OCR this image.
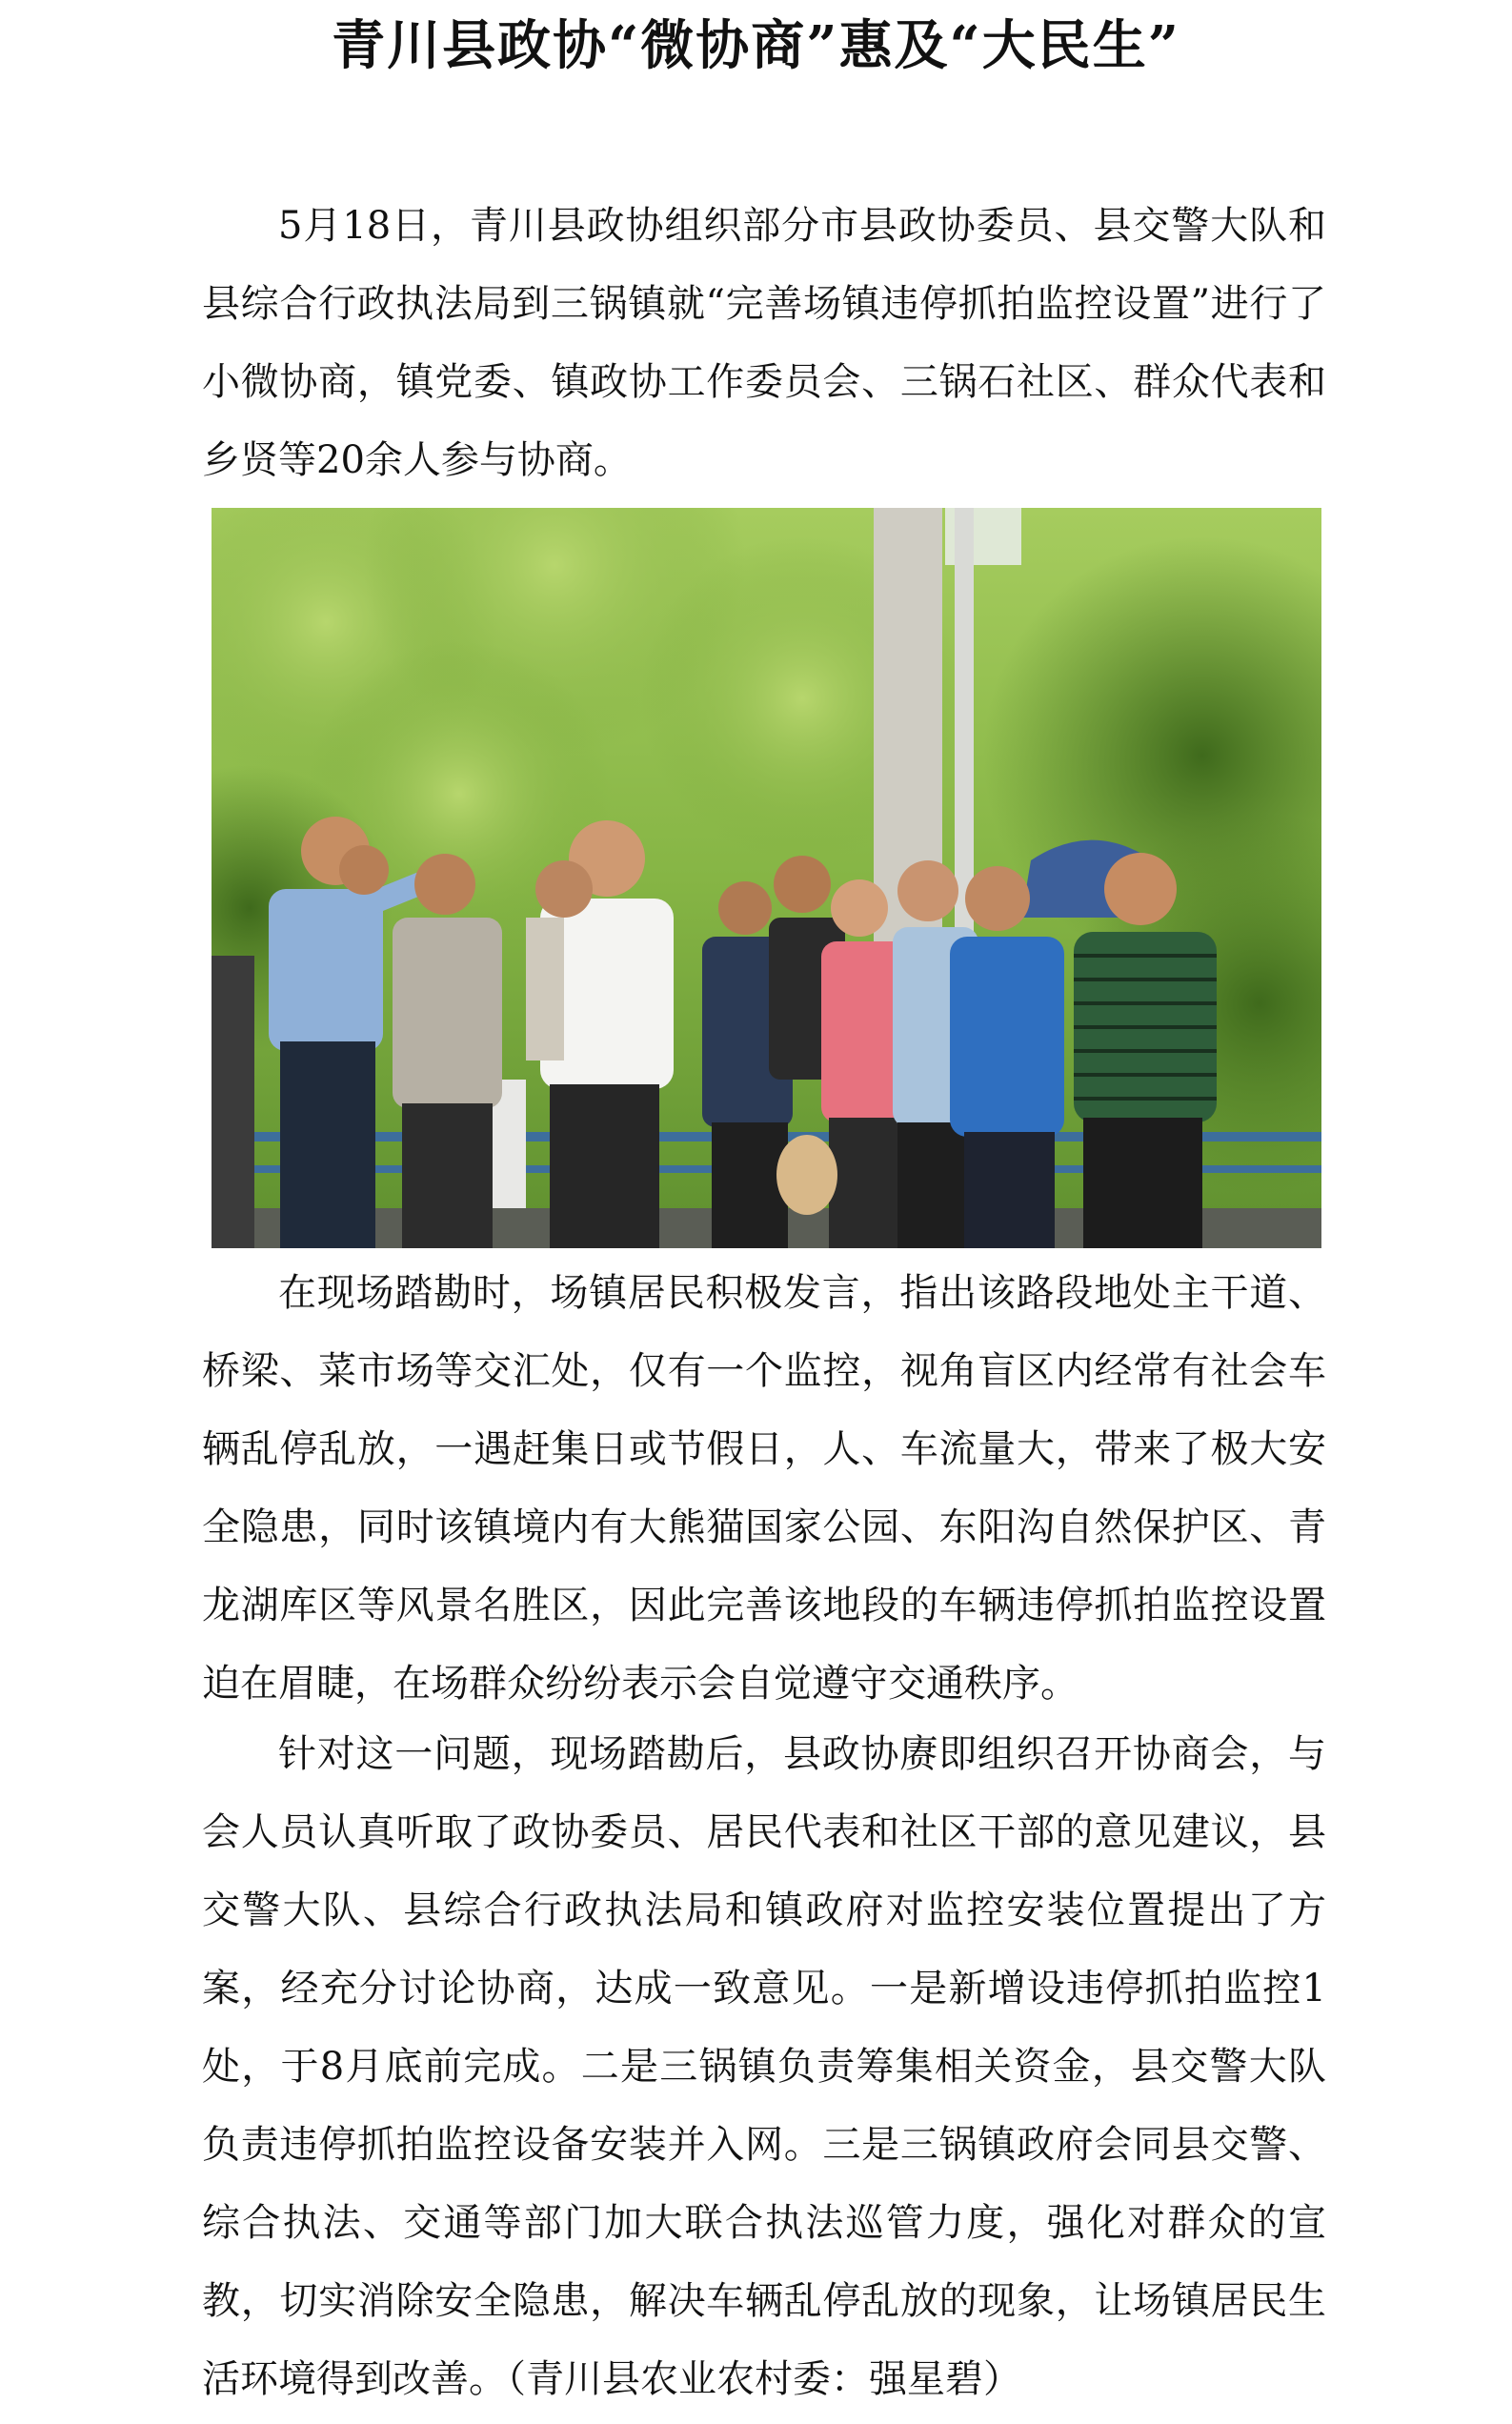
青川县政协“微协商”惠及“大民生”

5月18日，青川县政协组织部分市县政协委员、县交警大队和县综合行政执法局到三锅镇就“完善场镇违停抓拍监控设置”进行了小微协商，镇党委、镇政协工作委员会、三锅石社区、群众代表和乡贤等20余人参与协商。

在现场踏勘时，场镇居民积极发言，指出该路段地处主干道、桥梁、菜市场等交汇处，仅有一个监控，视角盲区内经常有社会车辆乱停乱放，一遇赶集日或节假日，人、车流量大，带来了极大安全隐患，同时该镇境内有大熊猫国家公园、东阳沟自然保护区、青龙湖库区等风景名胜区，因此完善该地段的车辆违停抓拍监控设置迫在眉睫，在场群众纷纷表示会自觉遵守交通秩序。

针对这一问题，现场踏勘后，县政协赓即组织召开协商会，与会人员认真听取了政协委员、居民代表和社区干部的意见建议，县交警大队、县综合行政执法局和镇政府对监控安装位置提出了方案，经充分讨论协商，达成一致意见。一是新增设违停抓拍监控1处，于8月底前完成。二是三锅镇负责筹集相关资金，县交警大队负责违停抓拍监控设备安装并入网。三是三锅镇政府会同县交警、综合执法、交通等部门加大联合执法巡管力度，强化对群众的宣教，切实消除安全隐患，解决车辆乱停乱放的现象，让场镇居民生活环境得到改善。（青川县农业农村委：强星碧）
